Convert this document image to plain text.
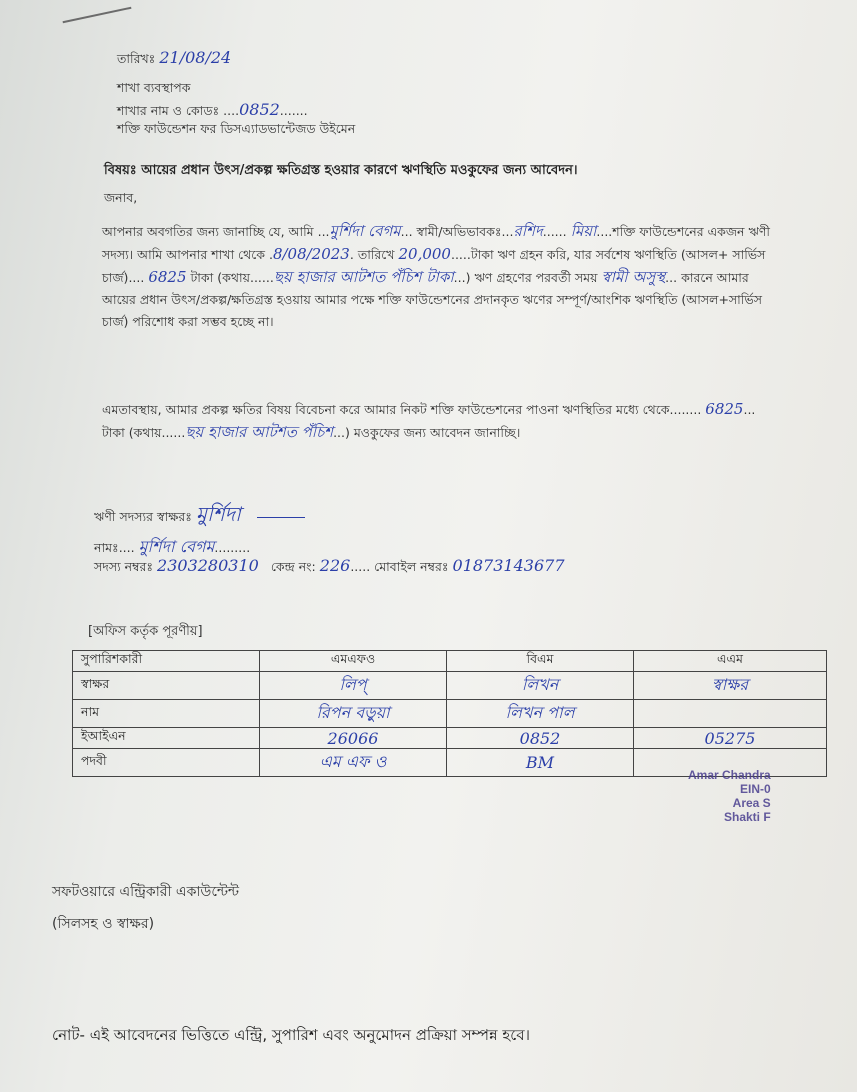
তারিখঃ 21/08/24
শাখা ব্যবস্থাপক
শাখার নাম ও কোডঃ ....0852.......
শক্তি ফাউন্ডেশন ফর ডিসএ্যাডভান্টেজড উইমেন
বিষয়ঃ আয়ের প্রধান উৎস/প্রকল্প ক্ষতিগ্রস্ত হওয়ার কারণে ঋণস্থিতি মওকুফের জন্য আবেদন।
জনাব,
আপনার অবগতির জন্য জানাচ্ছি যে, আমি ...মুর্শিদা বেগম... স্বামী/অভিভাবকঃ...রশিদ...... মিয়া....শক্তি ফাউন্ডেশনের একজন ঋণী সদস্য। আমি আপনার শাখা থেকে .8/08/2023. তারিখে 20,000.....টাকা ঋণ গ্রহন করি, যার সর্বশেষ ঋণস্থিতি (আসল+ সার্ভিস চার্জ).... 6825 টাকা (কথায়......ছয় হাজার আটশত পঁচিশ টাকা...) ঋণ গ্রহণের পরবর্তী সময় স্বামী অসুস্থ... কারনে আমার আয়ের প্রধান উৎস/প্রকল্প/ক্ষতিগ্রস্ত হওয়ায় আমার পক্ষে শক্তি ফাউন্ডেশনের প্রদানকৃত ঋণের সম্পূর্ণ/আংশিক ঋণস্থিতি (আসল+সার্ভিস চার্জ) পরিশোধ করা সম্ভব হচ্ছে না।
এমতাবস্থায়, আমার প্রকল্প ক্ষতির বিষয় বিবেচনা করে আমার নিকট শক্তি ফাউন্ডেশনের পাওনা ঋণস্থিতির মধ্যে থেকে........ 6825... টাকা (কথায়......ছয় হাজার আটশত পঁচিশ...) মওকুফের জন্য আবেদন জানাচ্ছি।
ঋণী সদস্যর স্বাক্ষরঃ মুর্শিদা
নামঃ.... মুর্শিদা বেগম.........
সদস্য নম্বরঃ 2303280310 কেন্দ্র নং: 226..... মোবাইল নম্বরঃ 01873143677
[অফিস কর্তৃক পূরণীয়]
সুপারিশকারী	এমএফও	বিএম	এএম
স্বাক্ষর	লিপ্	লিখন	স্বাক্ষর
নাম	রিপন বড়ুয়া	লিখন পাল	
ইআইএন	26066	0852	05275
পদবী	এম এফ ও	BM	
Amar Chandra
EIN-0
Area S
Shakti F
সফটওয়ারে এন্ট্রিকারী একাউন্টেন্ট
(সিলসহ ও স্বাক্ষর)
নোট- এই আবেদনের ভিত্তিতে এন্ট্রি, সুপারিশ এবং অনুমোদন প্রক্রিয়া সম্পন্ন হবে।
